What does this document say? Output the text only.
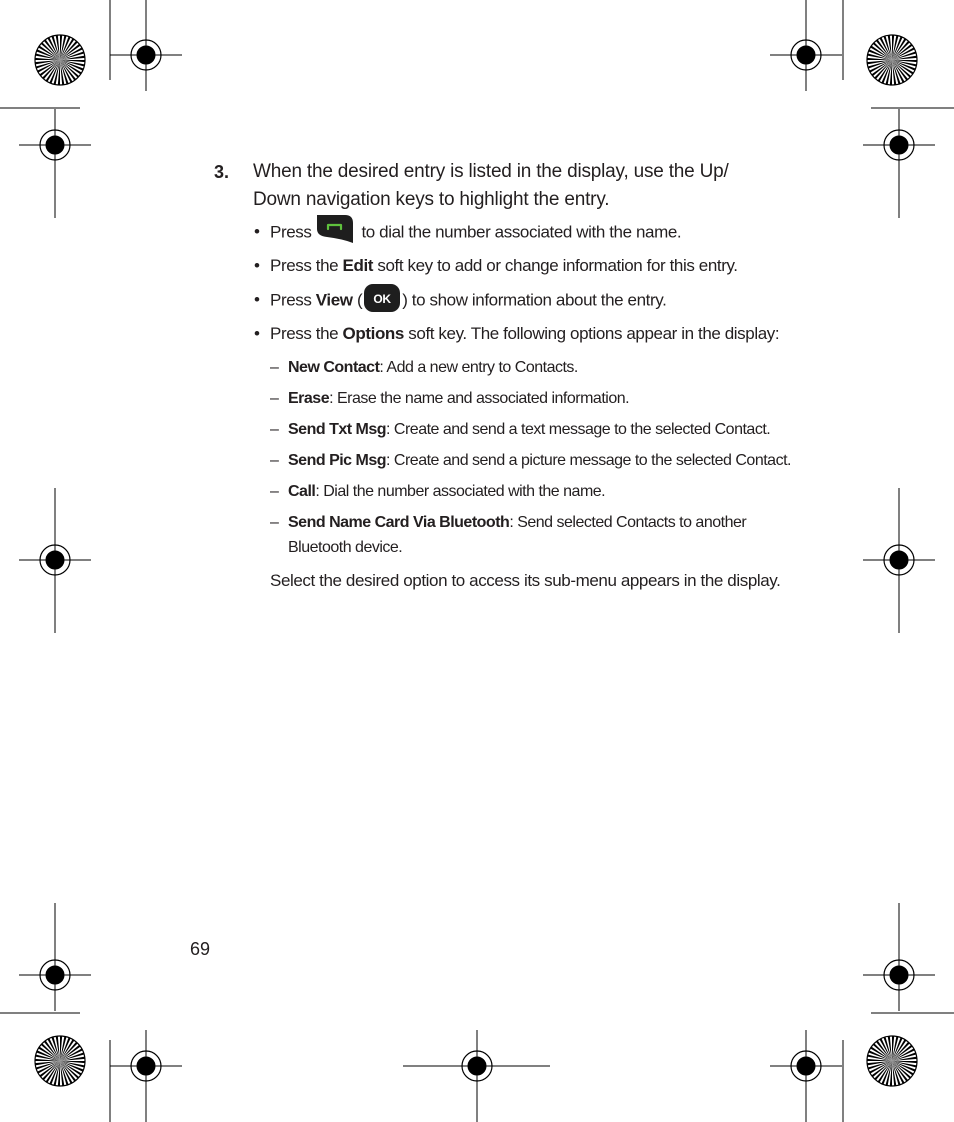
3. When the desired entry is listed in the display, use the Up/
Down navigation keys to highlight the entry.
• Press	to dial the number associated with the name.
• Press the Edit soft key to add or change information for this entry.
• Press View ( OK ) to show information about the entry.
• Press the Options soft key. The following options appear in the display:
– New Contact: Add a new entry to Contacts.
– Erase: Erase the name and associated information.
– Send Txt Msg: Create and send a text message to the selected Contact.
– Send Pic Msg: Create and send a picture message to the selected Contact.
– Call: Dial the number associated with the name.
– Send Name Card Via Bluetooth: Send selected Contacts to another
Bluetooth device.
Select the desired option to access its sub-menu appears in the display.
69
